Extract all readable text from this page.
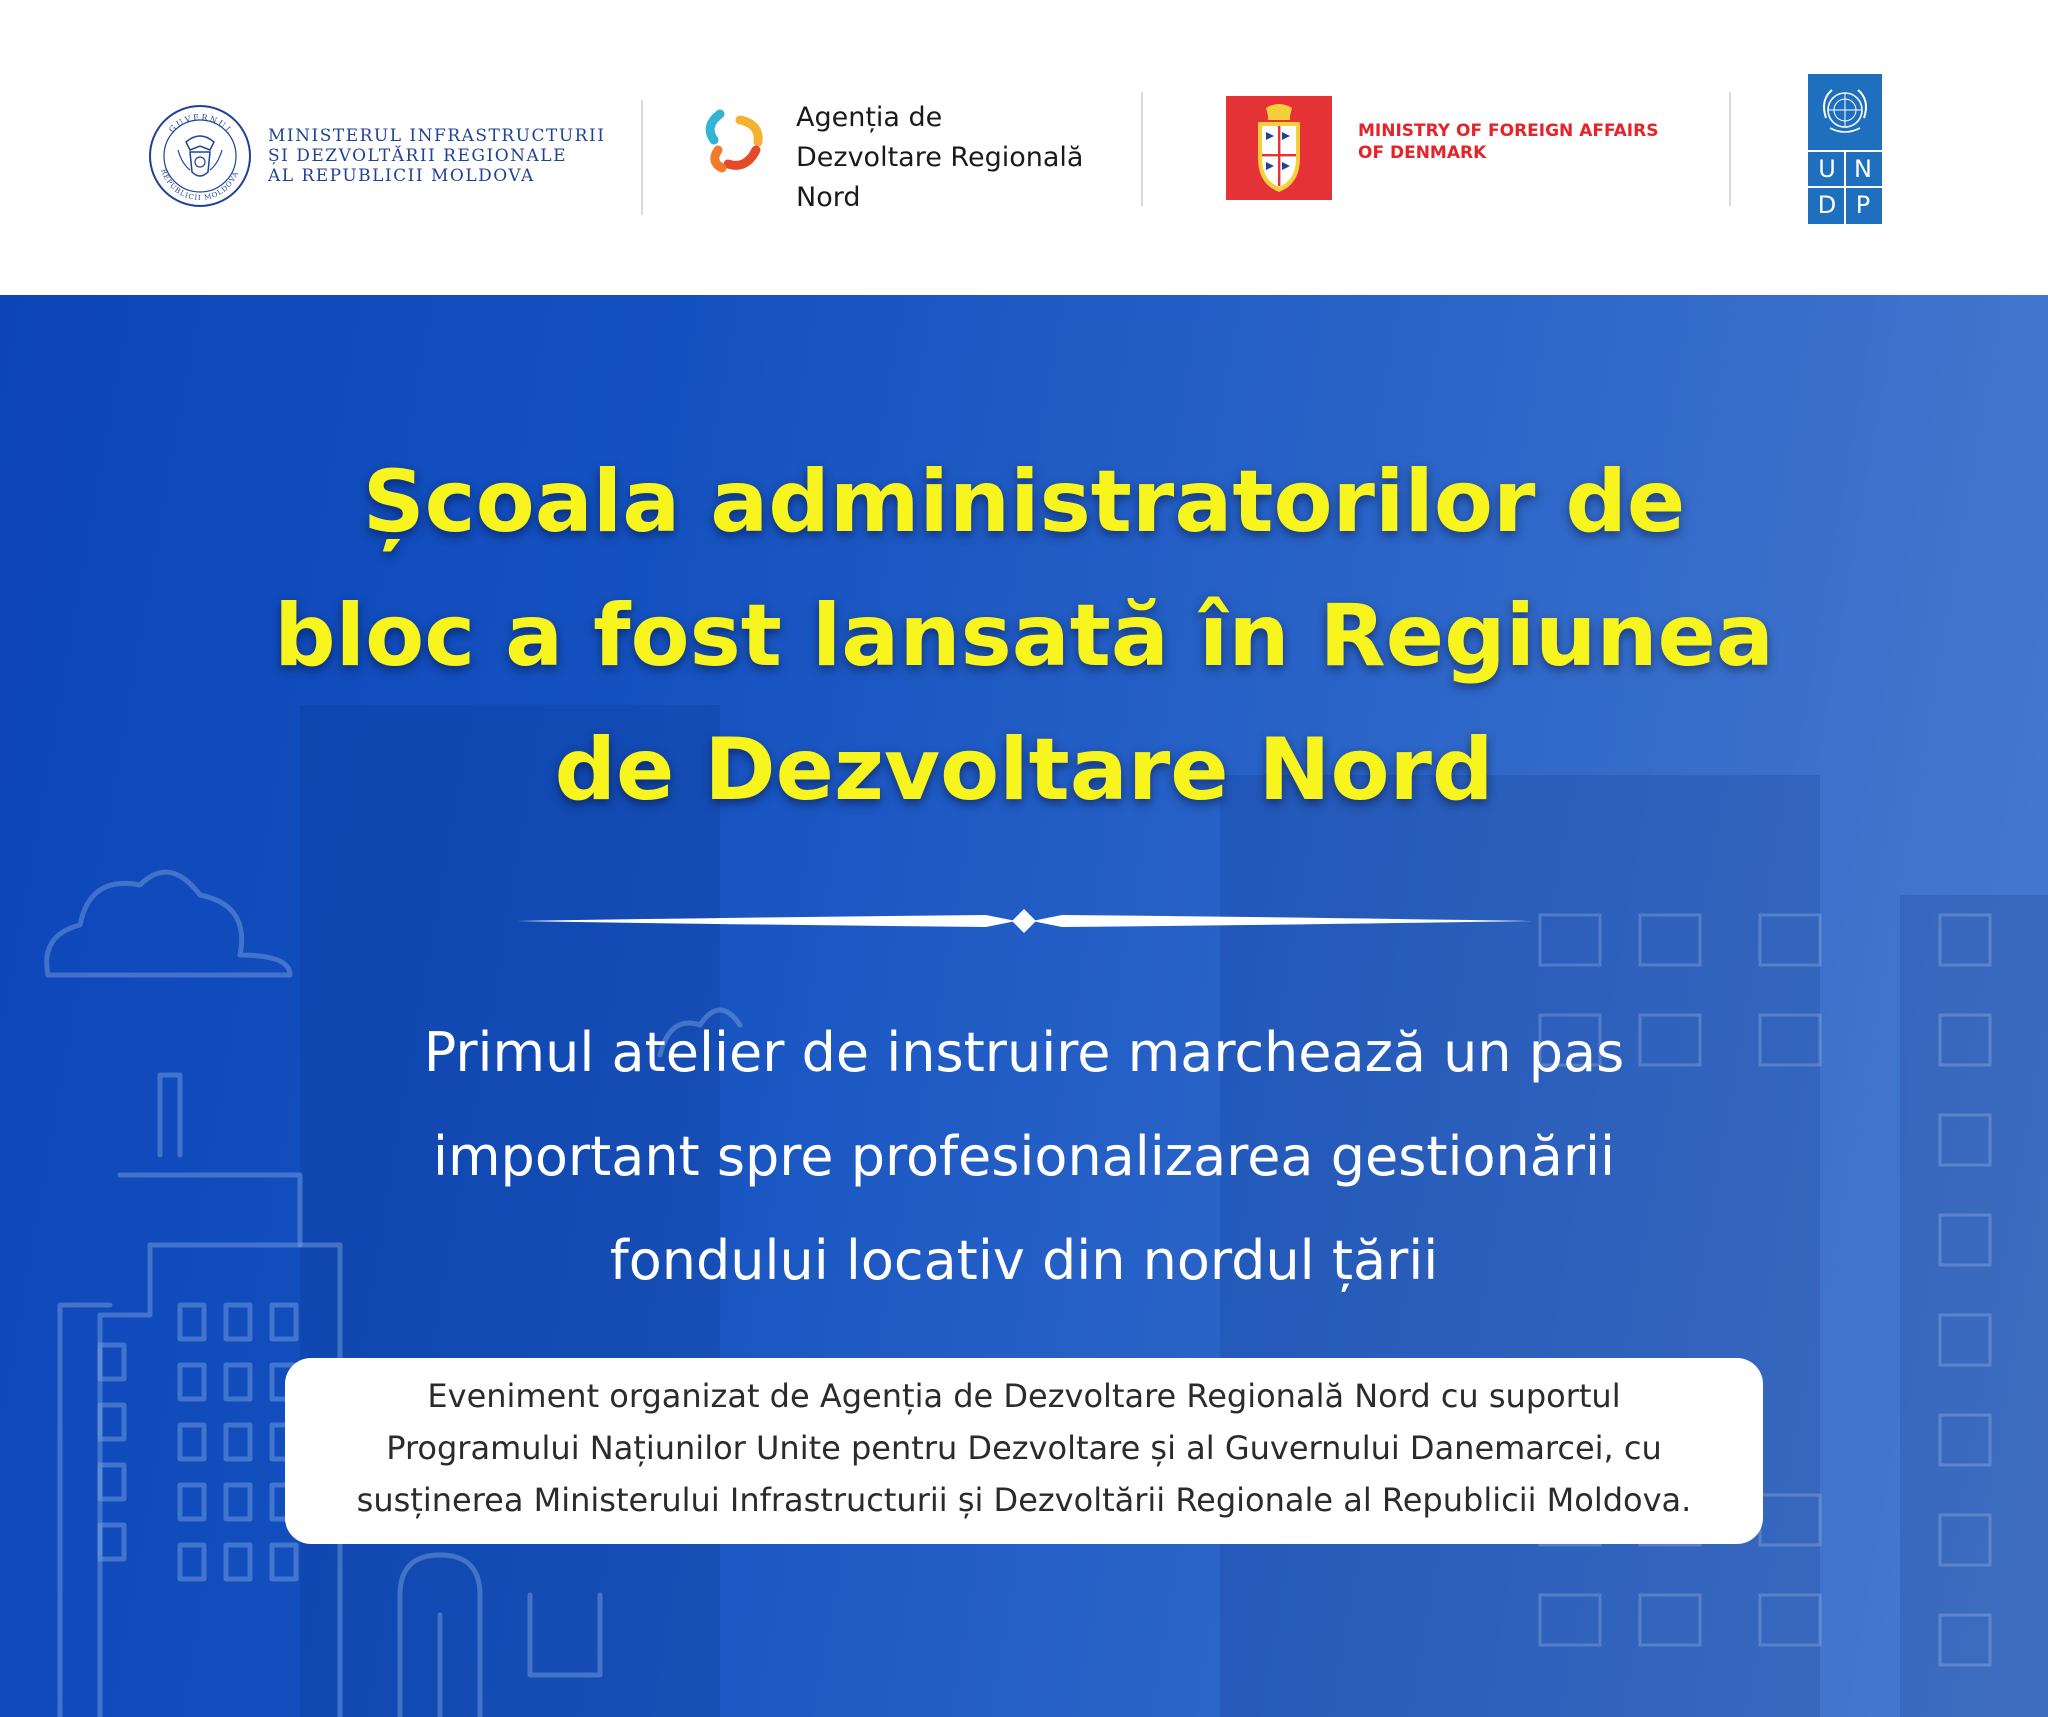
GUVERNUL
REPUBLICII MOLDOVA
MINISTERUL INFRASTRUCTURII
ȘI DEZVOLTĂRII REGIONALE
AL REPUBLICII MOLDOVA
Agenția de
Dezvoltare Regională
Nord
MINISTRY OF FOREIGN AFFAIRS
OF DENMARK
U N
D P
Școala administratorilor de
bloc a fost lansată în Regiunea
de Dezvoltare Nord
Primul atelier de instruire marchează un pas
important spre profesionalizarea gestionării
fondului locativ din nordul țării
Eveniment organizat de Agenția de Dezvoltare Regională Nord cu suportul
Programului Națiunilor Unite pentru Dezvoltare și al Guvernului Danemarcei, cu
susținerea Ministerului Infrastructurii și Dezvoltării Regionale al Republicii Moldova.
